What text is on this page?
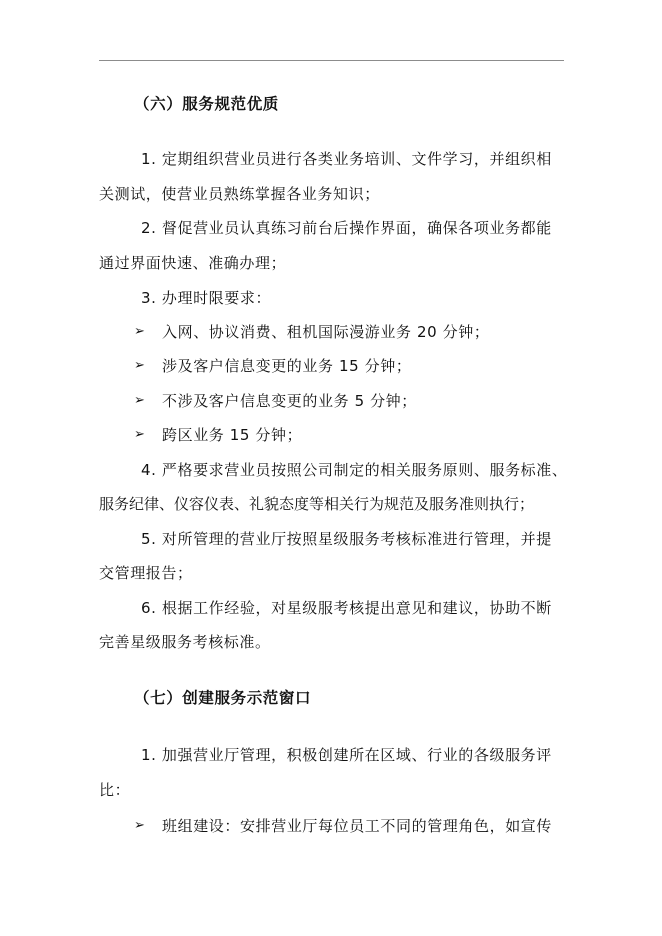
（六）服务规范优质
1. 定期组织营业员进行各类业务培训、文件学习，并组织相
关测试，使营业员熟练掌握各业务知识；
2. 督促营业员认真练习前台后操作界面，确保各项业务都能
通过界面快速、准确办理；
3. 办理时限要求：
➢ 入网、协议消费、租机国际漫游业务 20 分钟；
➢ 涉及客户信息变更的业务 15 分钟；
➢ 不涉及客户信息变更的业务 5 分钟；
➢ 跨区业务 15 分钟；
4. 严格要求营业员按照公司制定的相关服务原则、服务标准、
服务纪律、仪容仪表、礼貌态度等相关行为规范及服务准则执行；
5. 对所管理的营业厅按照星级服务考核标准进行管理，并提
交管理报告；
6. 根据工作经验，对星级服考核提出意见和建议，协助不断
完善星级服务考核标准。
（七）创建服务示范窗口
1. 加强营业厅管理，积极创建所在区域、行业的各级服务评
比：
➢ 班组建设：安排营业厅每位员工不同的管理角色，如宣传
